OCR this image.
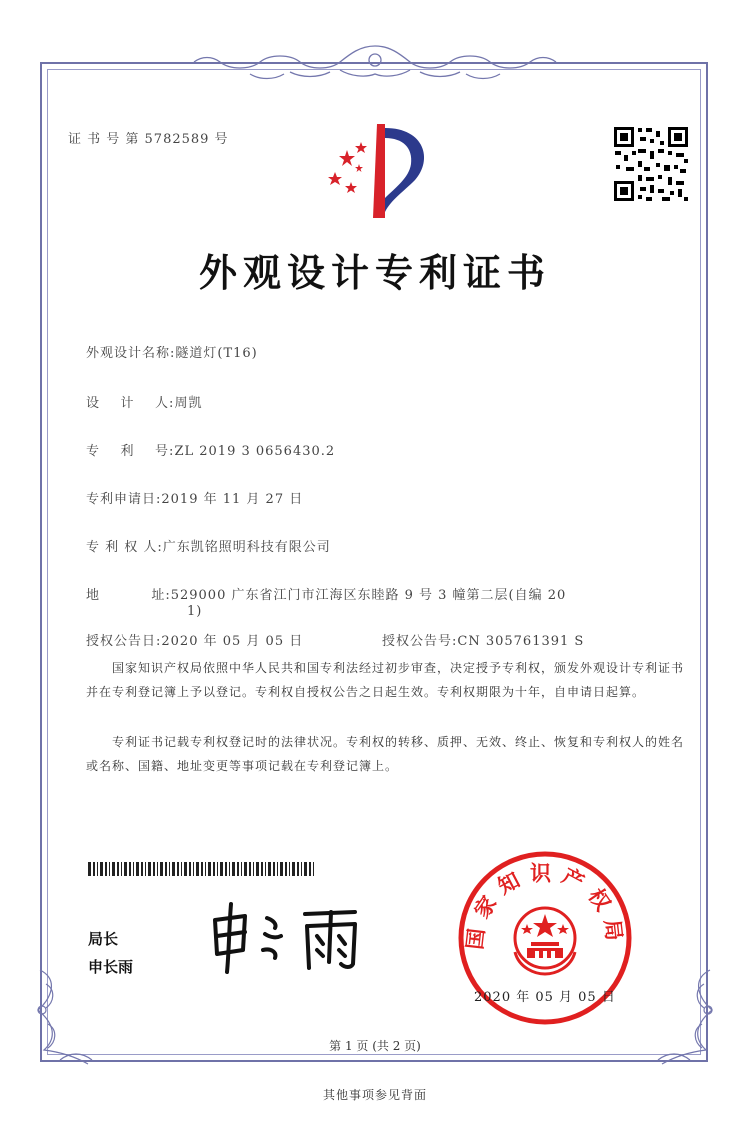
证 书 号 第 5782589 号
外观设计专利证书
外观设计名称:隧道灯(T16)
设    计    人:周凯
专    利    号:ZL 2019 3 0656430.2
专利申请日:2019 年 11 月 27 日
专 利 权 人:广东凯铭照明科技有限公司
地          址:529000 广东省江门市江海区东睦路 9 号 3 幢第二层(自编 20
1)
授权公告日:2020 年 05 月 05 日	授权公告号:CN 305761391 S
国家知识产权局依照中华人民共和国专利法经过初步审查，决定授予专利权，颁发外观设计专利证书并在专利登记簿上予以登记。专利权自授权公告之日起生效。专利权期限为十年，自申请日起算。
专利证书记载专利权登记时的法律状况。专利权的转移、质押、无效、终止、恢复和专利权人的姓名或名称、国籍、地址变更等事项记载在专利登记簿上。
局长
申长雨
国家知识产权局
2020 年 05 月 05 日
第 1 页 (共 2 页)
其他事项参见背面
